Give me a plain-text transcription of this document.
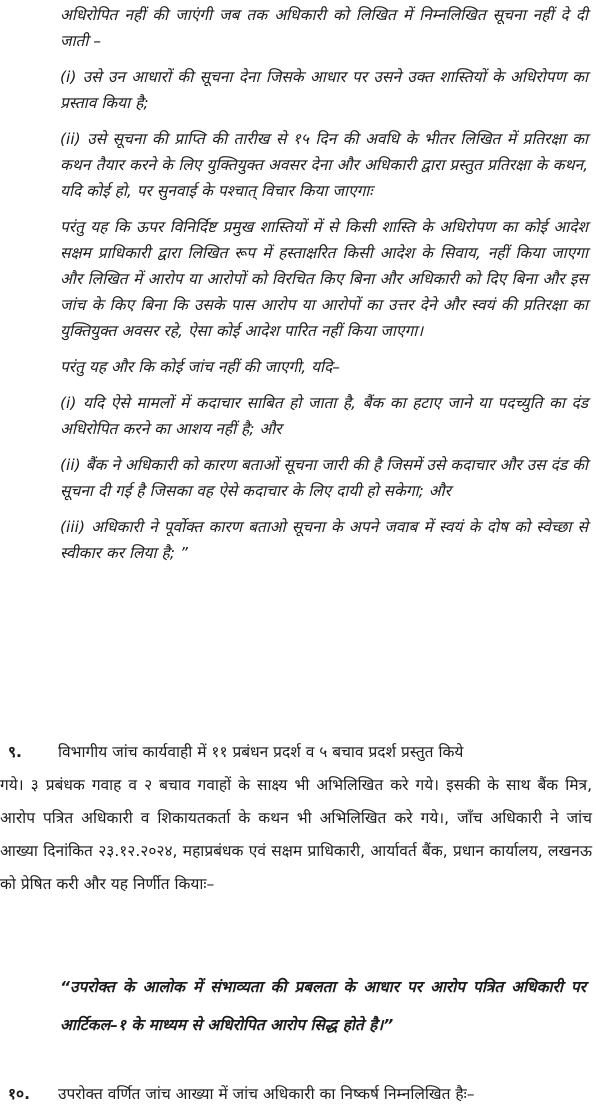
अधिरोपित नहीं की जाएंगी जब तक अधिकारी को लिखित में निम्नलिखित सूचना नहीं दे दी जाती –

(i) उसे उन आधारों की सूचना देना जिसके आधार पर उसने उक्त शास्तियों के अधिरोपण का प्रस्ताव किया है;

(ii) उसे सूचना की प्राप्ति की तारीख से १५ दिन की अवधि के भीतर लिखित में प्रतिरक्षा का कथन तैयार करने के लिए युक्तियुक्त अवसर देना और अधिकारी द्वारा प्रस्तुत प्रतिरक्षा के कथन, यदि कोई हो, पर सुनवाई के पश्चात् विचार किया जाएगाः

परंतु यह कि ऊपर विनिर्दिष्ट प्रमुख शास्तियों में से किसी शास्ति के अधिरोपण का कोई आदेश सक्षम प्राधिकारी द्वारा लिखित रूप में हस्ताक्षरित किसी आदेश के सिवाय, नहीं किया जाएगा और लिखित में आरोप या आरोपों को विरचित किए बिना और अधिकारी को दिए बिना और इस जांच के किए बिना कि उसके पास आरोप या आरोपों का उत्तर देने और स्वयं की प्रतिरक्षा का युक्तियुक्त अवसर रहे, ऐसा कोई आदेश पारित नहीं किया जाएगा।

परंतु यह और कि कोई जांच नहीं की जाएगी, यदि–

(i) यदि ऐसे मामलों में कदाचार साबित हो जाता है, बैंक का हटाए जाने या पदच्युति का दंड अधिरोपित करने का आशय नहीं है; और

(ii) बैंक ने अधिकारी को कारण बताओं सूचना जारी की है जिसमें उसे कदाचार और उस दंड की सूचना दी गई है जिसका वह ऐसे कदाचार के लिए दायी हो सकेगा; और

(iii) अधिकारी ने पूर्वोक्त कारण बताओ सूचना के अपने जवाब में स्वयं के दोष को स्वेच्छा से स्वीकार कर लिया है; ”

९. विभागीय जांच कार्यवाही में ११ प्रबंधन प्रदर्श व ५ बचाव प्रदर्श प्रस्तुत किये
गये। ३ प्रबंधक गवाह व २ बचाव गवाहों के साक्ष्य भी अभिलिखित करे गये। इसकी के साथ बैंक मित्र, आरोप पत्रित अधिकारी व शिकायतकर्ता के कथन भी अभिलिखित करे गये।, जाँच अधिकारी ने जांच आख्या दिनांकित २३.१२.२०२४, महाप्रबंधक एवं सक्षम प्राधिकारी, आर्यावर्त बैंक, प्रधान कार्यालय, लखनऊ को प्रेषित करी और यह निर्णीत कियाः–
“उपरोक्त के आलोक में संभाव्यता की प्रबलता के आधार पर आरोप पत्रित अधिकारी पर आर्टिकल–१ के माध्यम से अधिरोपित आरोप सिद्ध होते है।”
१०. उपरोक्त वर्णित जांच आख्या में जांच अधिकारी का निष्कर्ष निम्नलिखित हैः–
